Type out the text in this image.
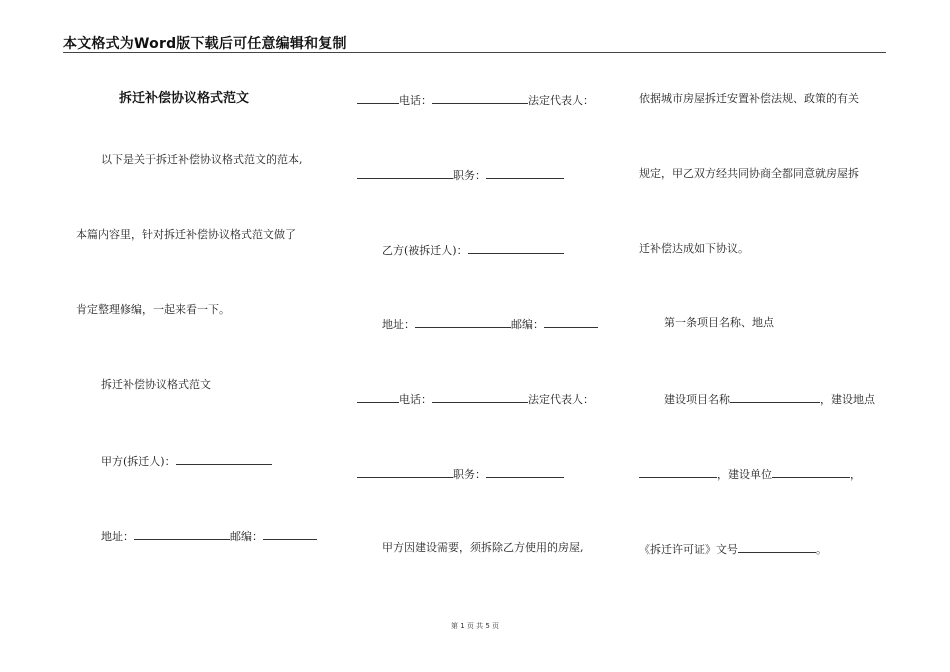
本文格式为Word版下载后可任意编辑和复制
拆迁补偿协议格式范文
以下是关于拆迁补偿协议格式范文的范本,
本篇内容里，针对拆迁补偿协议格式范文做了
肯定整理修编，一起来看一下。
拆迁补偿协议格式范文
甲方(拆迁人)：
地址：	邮编：
电话：	法定代表人：
职务：
乙方(被拆迁人)：
地址：	邮编：
电话：	法定代表人：
职务：
甲方因建设需要，须拆除乙方使用的房屋,
依据城市房屋拆迁安置补偿法规、政策的有关
规定，甲乙双方经共同协商全都同意就房屋拆
迁补偿达成如下协议。
第一条项目名称、地点
建设项目名称	，建设地点
，建设单位	，
《拆迁许可证》文号	。
第 1 页 共 5 页
